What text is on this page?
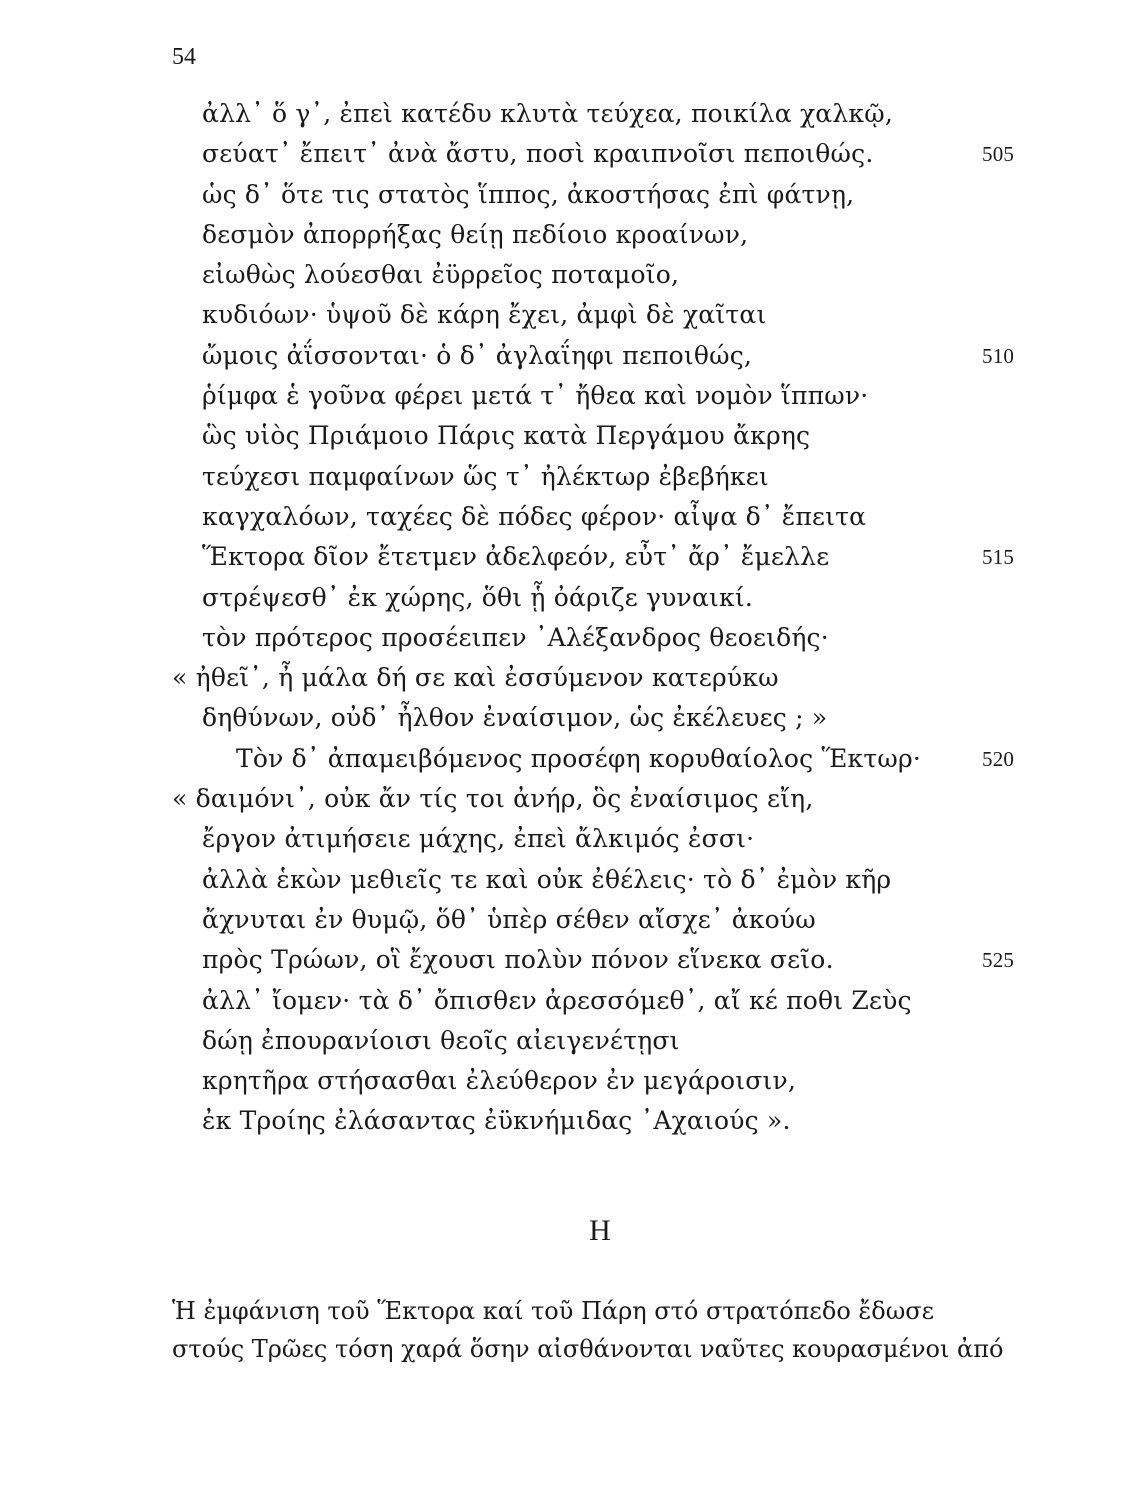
54
ἀλλ᾽ ὅ γ᾽, ἐπεὶ κατέδυ κλυτὰ τεύχεα, ποικίλα χαλκῷ,
σεύατ᾽ ἔπειτ᾽ ἀνὰ ἄστυ, ποσὶ κραιπνοῖσι πεποιθώς.	505
ὡς δ᾽ ὅτε τις στατὸς ἵππος, ἀκοστήσας ἐπὶ φάτνῃ,
δεσμὸν ἀπορρήξας θείῃ πεδίοιο κροαίνων,
εἰωθὼς λούεσθαι ἐϋρρεῖος ποταμοῖο,
κυδιόων· ὑψοῦ δὲ κάρη ἔχει, ἀμφὶ δὲ χαῖται
ὤμοις ἀΐσσονται· ὁ δ᾽ ἀγλαΐηφι πεποιθώς,	510
ῥίμφα ἑ γοῦνα φέρει μετά τ᾽ ἤθεα καὶ νομὸν ἵππων·
ὣς υἱὸς Πριάμοιο Πάρις κατὰ Περγάμου ἄκρης
τεύχεσι παμφαίνων ὥς τ᾽ ἠλέκτωρ ἐβεβήκει
καγχαλόων, ταχέες δὲ πόδες φέρον· αἶψα δ᾽ ἔπειτα
Ἕκτορα δῖον ἔτετμεν ἀδελφεόν, εὖτ᾽ ἄρ᾽ ἔμελλε	515
στρέψεσθ᾽ ἐκ χώρης, ὅθι ᾗ ὀάριζε γυναικί.
τὸν πρότερος προσέειπεν ᾽Αλέξανδρος θεοειδής·
« ἠθεῖ᾽, ἦ μάλα δή σε καὶ ἐσσύμενον κατερύκω
δηθύνων, οὐδ᾽ ἦλθον ἐναίσιμον, ὡς ἐκέλευες ; »
Τὸν δ᾽ ἀπαμειβόμενος προσέφη κορυθαίολος Ἕκτωρ·	520
« δαιμόνι᾽, οὐκ ἄν τίς τοι ἀνήρ, ὃς ἐναίσιμος εἴη,
ἔργον ἀτιμήσειε μάχης, ἐπεὶ ἄλκιμός ἐσσι·
ἀλλὰ ἑκὼν μεθιεῖς τε καὶ οὐκ ἐθέλεις· τὸ δ᾽ ἐμὸν κῆρ
ἄχνυται ἐν θυμῷ, ὅθ᾽ ὑπὲρ σέθεν αἴσχε᾽ ἀκούω
πρὸς Τρώων, οἳ ἔχουσι πολὺν πόνον εἵνεκα σεῖο.	525
ἀλλ᾽ ἴομεν· τὰ δ᾽ ὄπισθεν ἀρεσσόμεθ᾽, αἴ κέ ποθι Ζεὺς
δώῃ ἐπουρανίοισι θεοῖς αἰειγενέτῃσι
κρητῆρα στήσασθαι ἐλεύθερον ἐν μεγάροισιν,
ἐκ Τροίης ἐλάσαντας ἐϋκνήμιδας ᾽Αχαιούς ».
Η
Ἡ ἐμφάνιση τοῦ Ἕκτορα καί τοῦ Πάρη στό στρατόπεδο ἔδωσε
στούς Τρῶες τόση χαρά ὅσην αἰσθάνονται ναῦτες κουρασμένοι ἀπό
